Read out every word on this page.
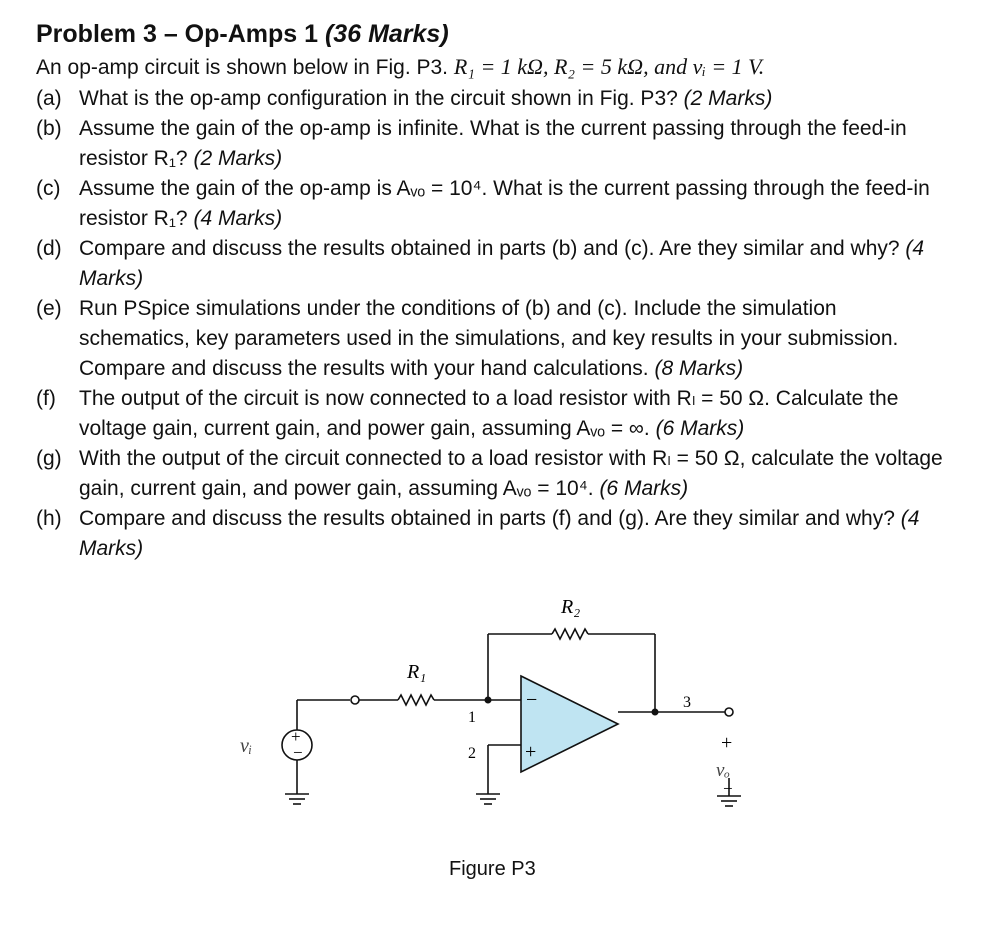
Problem 3 – Op-Amps 1 (36 Marks)
An op-amp circuit is shown below in Fig. P3. R₁ = 1 kΩ, R₂ = 5 kΩ, and vᵢ = 1 V.
(a) What is the op-amp configuration in the circuit shown in Fig. P3? (2 Marks)
(b) Assume the gain of the op-amp is infinite. What is the current passing through the feed-in resistor R₁? (2 Marks)
(c) Assume the gain of the op-amp is Aᵥₒ = 10⁴. What is the current passing through the feed-in resistor R₁? (4 Marks)
(d) Compare and discuss the results obtained in parts (b) and (c). Are they similar and why? (4 Marks)
(e) Run PSpice simulations under the conditions of (b) and (c). Include the simulation schematics, key parameters used in the simulations, and key results in your submission. Compare and discuss the results with your hand calculations. (8 Marks)
(f) The output of the circuit is now connected to a load resistor with Rₗ = 50 Ω. Calculate the voltage gain, current gain, and power gain, assuming Aᵥₒ = ∞. (6 Marks)
(g) With the output of the circuit connected to a load resistor with Rₗ = 50 Ω, calculate the voltage gain, current gain, and power gain, assuming Aᵥₒ = 10⁴. (6 Marks)
(h) Compare and discuss the results obtained in parts (f) and (g). Are they similar and why? (4 Marks)
R₁
R₂
vᵢ +
−
1
2
3
−
+	+
vₒ
−
Figure P3
